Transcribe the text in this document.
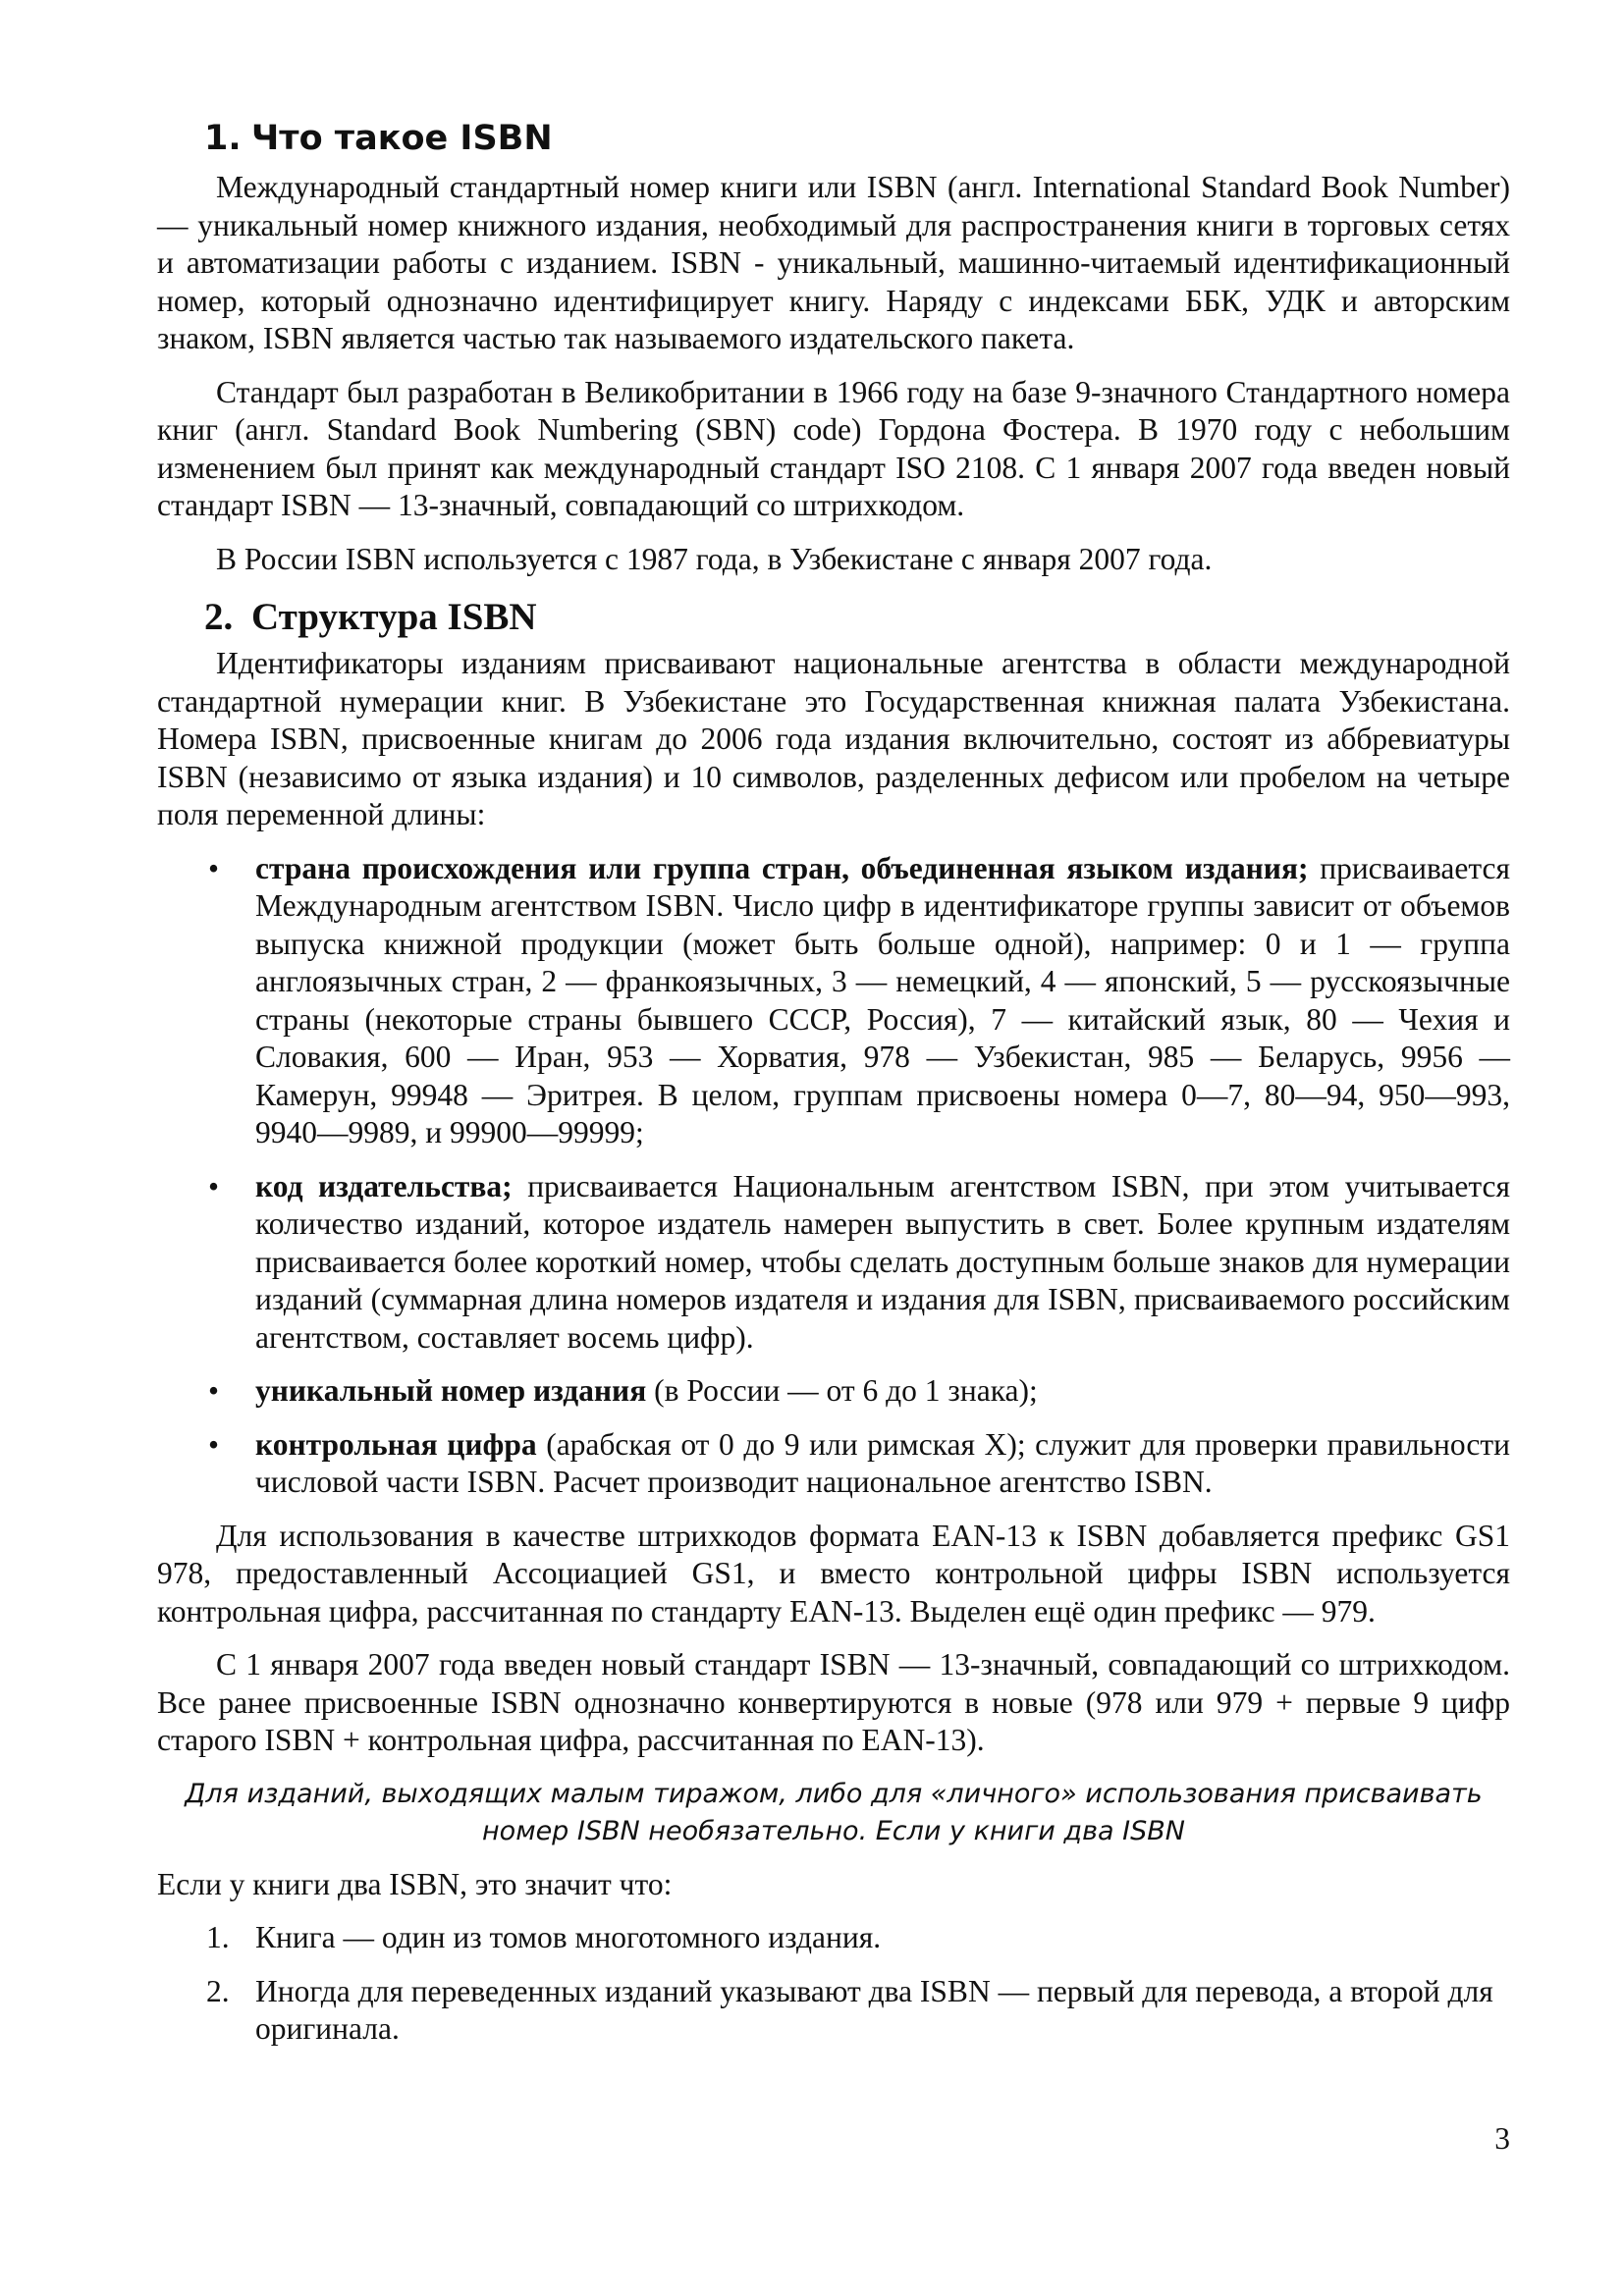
1. Что такое ISBN

Международный стандартный номер книги или ISBN (англ. International Standard Book Number) — уникальный номер книжного издания, необходимый для распространения книги в торговых сетях и автоматизации работы с изданием. ISBN - уникальный, машинно-читаемый идентификационный номер, который однозначно идентифицирует книгу. Наряду с индексами ББК, УДК и авторским знаком, ISBN является частью так называемого издательского пакета.

Стандарт был разработан в Великобритании в 1966 году на базе 9-значного Стандартного номера книг (англ. Standard Book Numbering (SBN) code) Гордона Фостера. В 1970 году с небольшим изменением был принят как международный стандарт ISO 2108. С 1 января 2007 года введен новый стандарт ISBN — 13-значный, совпадающий со штрихкодом.

В России ISBN используется с 1987 года, в Узбекистане с января 2007 года.

2. Структура ISBN

Идентификаторы изданиям присваивают национальные агентства в области международной стандартной нумерации книг. В Узбекистане это Государственная книжная палата Узбекистана. Номера ISBN, присвоенные книгам до 2006 года издания включительно, состоят из аббревиатуры ISBN (независимо от языка издания) и 10 символов, разделенных дефисом или пробелом на четыре поля переменной длины:

• страна происхождения или группа стран, объединенная языком издания; присваивается Международным агентством ISBN. Число цифр в идентификаторе группы зависит от объемов выпуска книжной продукции (может быть больше одной), например: 0 и 1 — группа англоязычных стран, 2 — франкоязычных, 3 — немецкий, 4 — японский, 5 — русскоязычные страны (некоторые страны бывшего СССР, Россия), 7 — китайский язык, 80 — Чехия и Словакия, 600 — Иран, 953 — Хорватия, 978 — Узбекистан, 985 — Беларусь, 9956 — Камерун, 99948 — Эритрея. В целом, группам присвоены номера 0—7, 80—94, 950—993, 9940—9989, и 99900—99999;
• код издательства; присваивается Национальным агентством ISBN, при этом учитывается количество изданий, которое издатель намерен выпустить в свет. Более крупным издателям присваивается более короткий номер, чтобы сделать доступным больше знаков для нумерации изданий (суммарная длина номеров издателя и издания для ISBN, присваиваемого российским агентством, составляет восемь цифр).
• уникальный номер издания (в России — от 6 до 1 знака);
• контрольная цифра (арабская от 0 до 9 или римская X); служит для проверки правильности числовой части ISBN. Расчет производит национальное агентство ISBN.

Для использования в качестве штрихкодов формата EAN-13 к ISBN добавляется префикс GS1 978, предоставленный Ассоциацией GS1, и вместо контрольной цифры ISBN используется контрольная цифра, рассчитанная по стандарту EAN-13. Выделен ещё один префикс — 979.

С 1 января 2007 года введен новый стандарт ISBN — 13-значный, совпадающий со штрихкодом. Все ранее присвоенные ISBN однозначно конвертируются в новые (978 или 979 + первые 9 цифр старого ISBN + контрольная цифра, рассчитанная по EAN-13).

Для изданий, выходящих малым тиражом, либо для «личного» использования присваивать номер ISBN необязательно. Если у книги два ISBN

Если у книги два ISBN, это значит что:

1. Книга — один из томов многотомного издания.
2. Иногда для переведенных изданий указывают два ISBN — первый для перевода, а второй для оригинала.
3
